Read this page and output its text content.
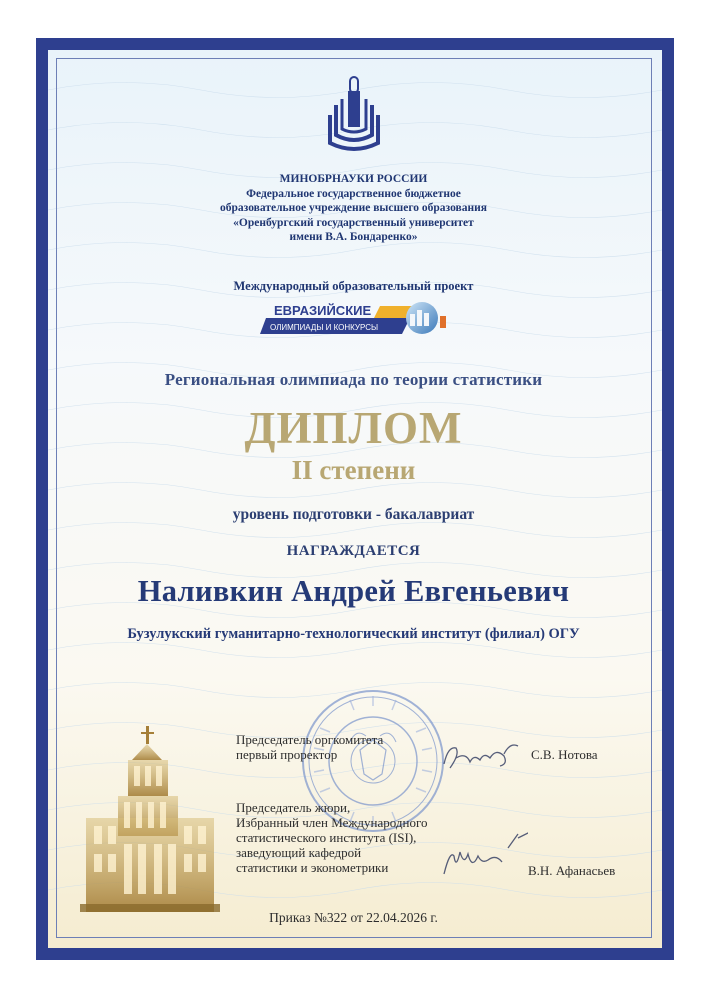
МИНОБРНАУКИ РОССИИ
Федеральное государственное бюджетное
образовательное учреждение высшего образования
«Оренбургский государственный университет
имени В.А. Бондаренко»
Международный образовательный проект
ЕВРАЗИЙСКИЕ
ОЛИМПИАДЫ И КОНКУРСЫ
Региональная олимпиада по теории статистики
ДИПЛОМ
II степени
уровень подготовки - бакалавриат
НАГРАЖДАЕТСЯ
Наливкин Андрей Евгеньевич
Бузулукский гуманитарно-технологический институт (филиал) ОГУ
Председатель оргкомитета
первый проректор	С.В. Нотова
Председатель жюри,
Избранный член Международного
статистического института (ISI),
заведующий кафедрой
статистики и эконометрики	В.Н. Афанасьев
Приказ №322 от 22.04.2026 г.
